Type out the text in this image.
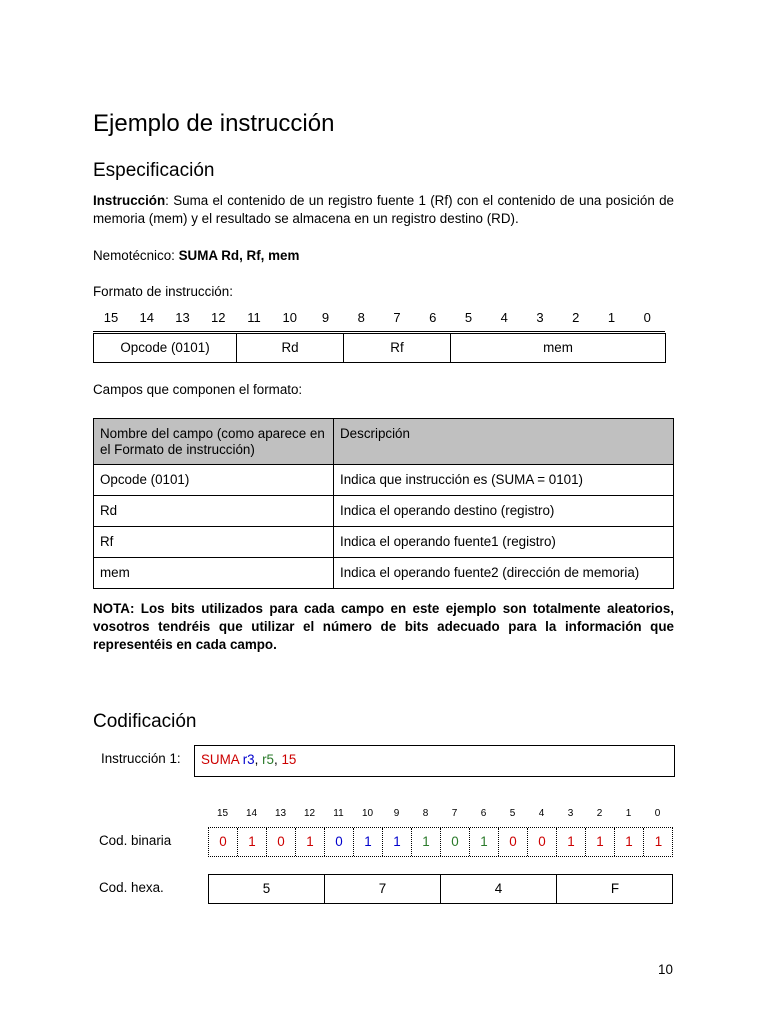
Ejemplo de instrucción
Especificación

Instrucción: Suma el contenido de un registro fuente 1 (Rf) con el contenido de una posición de memoria (mem) y el resultado se almacena en un registro destino (RD).

Nemotécnico: SUMA Rd, Rf, mem

Formato de instrucción:

15	14	13	12	11	10	9	8	7	6	5	4	3	2	1	0
Opcode (0101)	Rd	Rf	mem

Campos que componen el formato:

Nombre del campo (como aparece en el Formato de instrucción)	Descripción
Opcode (0101)	Indica que instrucción es (SUMA = 0101)
Rd	Indica el operando destino (registro)
Rf	Indica el operando fuente1 (registro)
mem	Indica el operando fuente2 (dirección de memoria)

NOTA: Los bits utilizados para cada campo en este ejemplo son totalmente aleatorios, vosotros tendréis que utilizar el número de bits adecuado para la información que representéis en cada campo.

Codificación
Instrucción 1:	SUMA r3, r5, 15
15	14	13	12	11	10	9	8	7	6	5	4	3	2	1	0
Cod. binaria	0	1	0	1	0	1	1	1	0	1	0	0	1	1	1	1
Cod. hexa.	5	7	4	F
10
